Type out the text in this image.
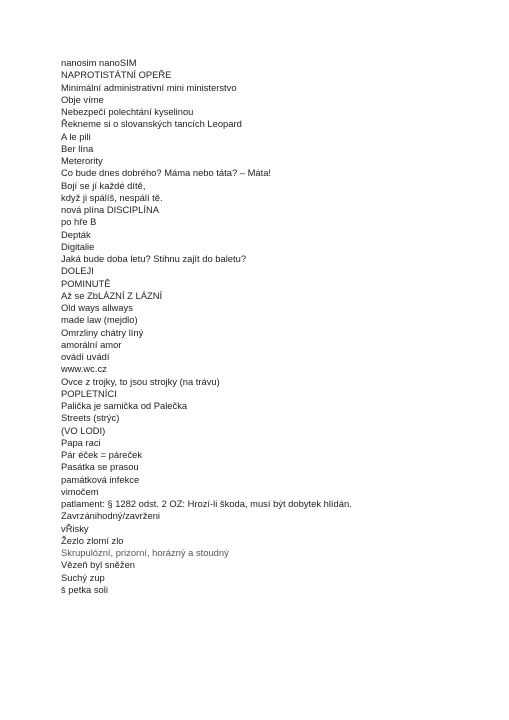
nanosim nanoSIM
NAPROTISTÁTNÍ OPEŘE
Minimální administrativní mini ministerstvo
Obje víme
Nebezpečí polechtání kyselinou
Řekneme si o slovanských tancích Leopard
A le pili
Ber lína
Meterority
Co bude dnes dobrého? Máma nebo táta? – Máta!
Bojí se jí každé dítě,
když ji spálíš, nespálí tě.
nová plína DISCIPLÍNA
po hře B
Depták
Digitalie
Jaká bude doba letu? Stihnu zajít do baletu?
DOLEJI
POMINUTĚ
Až se ZbLÁZNÍ Z LÁZNÍ
Old ways allways
made law (mejdlo)
Omrzliny chátry líný
amorální amor
ovádí uvádí
www.wc.cz
Ovce z trojky, to jsou strojky (na trávu)
POPLETNÍCI
Palička je samička od Palečka
Streets (strýc)
(VO LODI)
Papa raci
Pár éček = páreček
Pasátka se prasou
památková infekce
vimočem
patlament: § 1282 odst. 2 OZ: Hrozí-li škoda, musí být dobytek hlídán.
Zavrzánihodný/zavrženi
vŘisky
Žezlo zlomí zlo
Skrupulózní, prizorní, horázný a stoudný
Vězeň byl sněžen
Suchý zup
š petka soli
